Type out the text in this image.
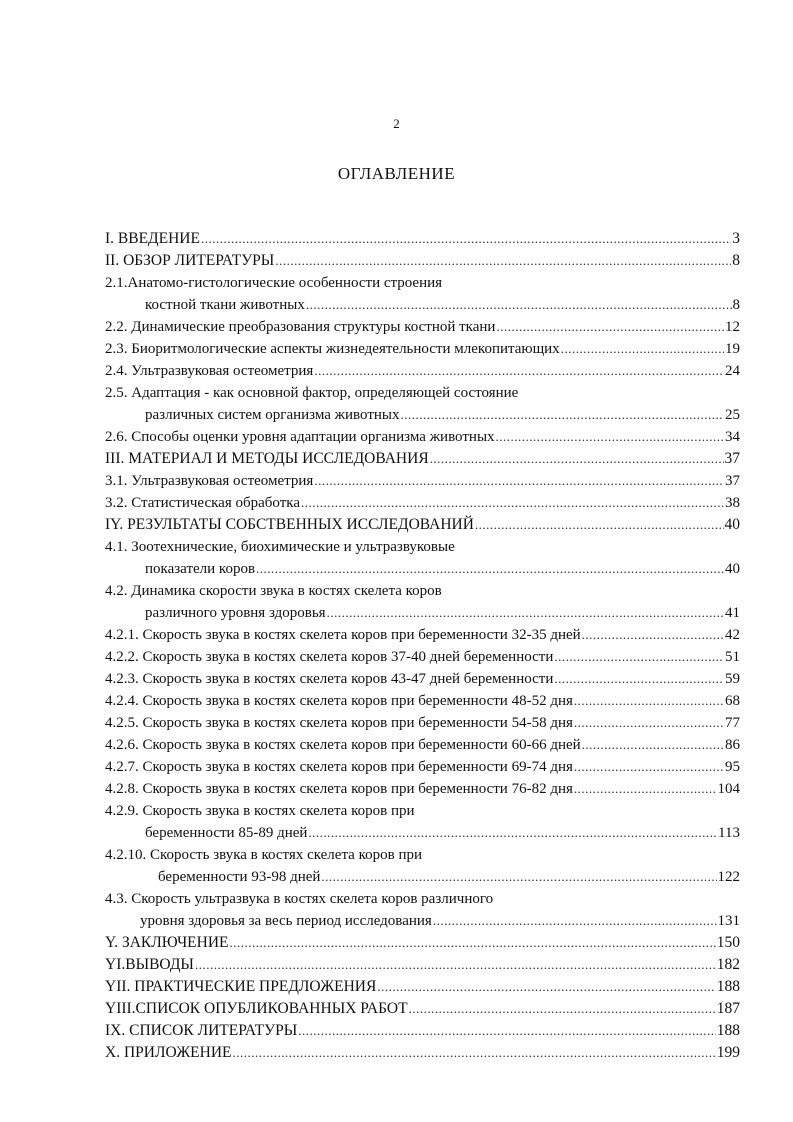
2
ОГЛАВЛЕНИЕ
I. ВВЕДЕНИЕ .....	3
II. ОБЗОР ЛИТЕРАТУРЫ .....	8
2.1.Анатомо-гистологические особенности строения
костной ткани животных .....	8
2.2. Динамические преобразования структуры костной ткани .....	12
2.3. Биоритмологические аспекты жизнедеятельности млекопитающих .....	19
2.4. Ультразвуковая остеометрия .....	24
2.5. Адаптация - как основной фактор, определяющей состояние
различных систем организма животных .....	25
2.6. Способы оценки уровня адаптации организма животных .....	34
III. МАТЕРИАЛ И МЕТОДЫ ИССЛЕДОВАНИЯ .....	37
3.1. Ультразвуковая остеометрия .....	37
3.2. Статистическая обработка .....	38
IY. РЕЗУЛЬТАТЫ СОБСТВЕННЫХ ИССЛЕДОВАНИЙ .....	40
4.1. Зоотехнические, биохимические и ультразвуковые
показатели коров .....	40
4.2. Динамика скорости звука в костях скелета коров
различного уровня здоровья .....	41
4.2.1. Скорость звука в костях скелета коров при беременности 32-35 дней .....	42
4.2.2. Скорость звука в костях скелета коров 37-40 дней беременности .....	51
4.2.3. Скорость звука в костях скелета коров 43-47 дней беременности .....	59
4.2.4. Скорость звука в костях скелета коров при беременности 48-52 дня .....	68
4.2.5. Скорость звука в костях скелета коров при беременности 54-58 дня .....	77
4.2.6. Скорость звука в костях скелета коров при беременности 60-66 дней .....	86
4.2.7. Скорость звука в костях скелета коров при беременности 69-74 дня .....	95
4.2.8. Скорость звука в костях скелета коров при беременности 76-82 дня .....	104
4.2.9. Скорость звука в костях скелета коров при
беременности 85-89 дней .....	113
4.2.10. Скорость звука в костях скелета коров при
беременности 93-98 дней .....	122
4.3. Скорость ультразвука в костях скелета коров различного
уровня здоровья за весь период исследования .....	131
Y. ЗАКЛЮЧЕНИЕ .....	150
YI.ВЫВОДЫ .....	182
YII. ПРАКТИЧЕСКИЕ ПРЕДЛОЖЕНИЯ .....	188
YIII.СПИСОК ОПУБЛИКОВАННЫХ РАБОТ .....	187
IX. СПИСОК ЛИТЕРАТУРЫ .....	188
X. ПРИЛОЖЕНИЕ .....	199
